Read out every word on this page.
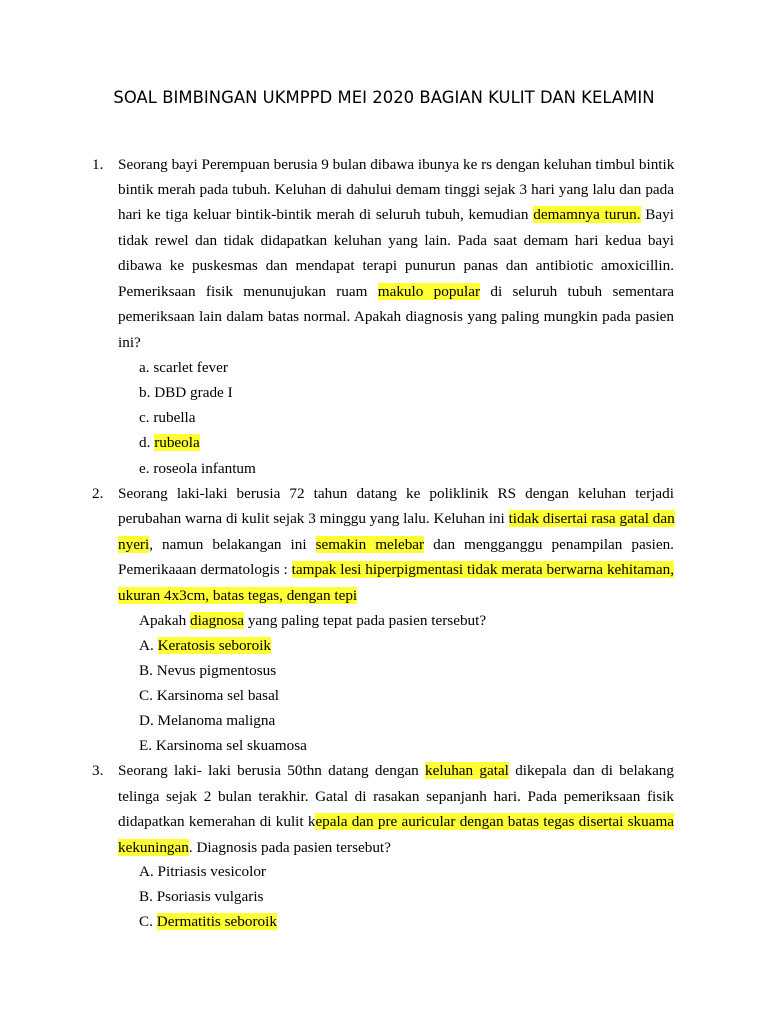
SOAL BIMBINGAN UKMPPD MEI 2020 BAGIAN KULIT DAN KELAMIN
1. Seorang bayi Perempuan berusia 9 bulan dibawa ibunya ke rs dengan keluhan timbul bintik
bintik merah pada tubuh. Keluhan di dahului demam tinggi sejak 3 hari yang lalu dan pada
hari ke tiga keluar bintik-bintik merah di seluruh tubuh, kemudian demamnya turun. Bayi
tidak rewel dan tidak didapatkan keluhan yang lain. Pada saat demam hari kedua bayi
dibawa ke puskesmas dan mendapat terapi punurun panas dan antibiotic amoxicillin.
Pemeriksaan fisik menunujukan ruam makulo popular di seluruh tubuh sementara
pemeriksaan lain dalam batas normal. Apakah diagnosis yang paling mungkin pada pasien
ini?
a. scarlet fever
b. DBD grade I
c. rubella
d. rubeola
e. roseola infantum
2. Seorang laki-laki berusia 72 tahun datang ke poliklinik RS dengan keluhan terjadi
perubahan warna di kulit sejak 3 minggu yang lalu. Keluhan ini tidak disertai rasa gatal dan
nyeri, namun belakangan ini semakin melebar dan mengganggu penampilan pasien.
Pemerikaaan dermatologis : tampak lesi hiperpigmentasi tidak merata berwarna kehitaman,
ukuran 4x3cm, batas tegas, dengan tepi
Apakah diagnosa yang paling tepat pada pasien tersebut?
A. Keratosis seboroik
B. Nevus pigmentosus
C. Karsinoma sel basal
D. Melanoma maligna
E. Karsinoma sel skuamosa
3. Seorang laki- laki berusia 50thn datang dengan keluhan gatal dikepala dan di belakang
telinga sejak 2 bulan terakhir. Gatal di rasakan sepanjanh hari. Pada pemeriksaan fisik
didapatkan kemerahan di kulit kepala dan pre auricular dengan batas tegas disertai skuama
kekuningan. Diagnosis pada pasien tersebut?
A. Pitriasis vesicolor
B. Psoriasis vulgaris
C. Dermatitis seboroik
